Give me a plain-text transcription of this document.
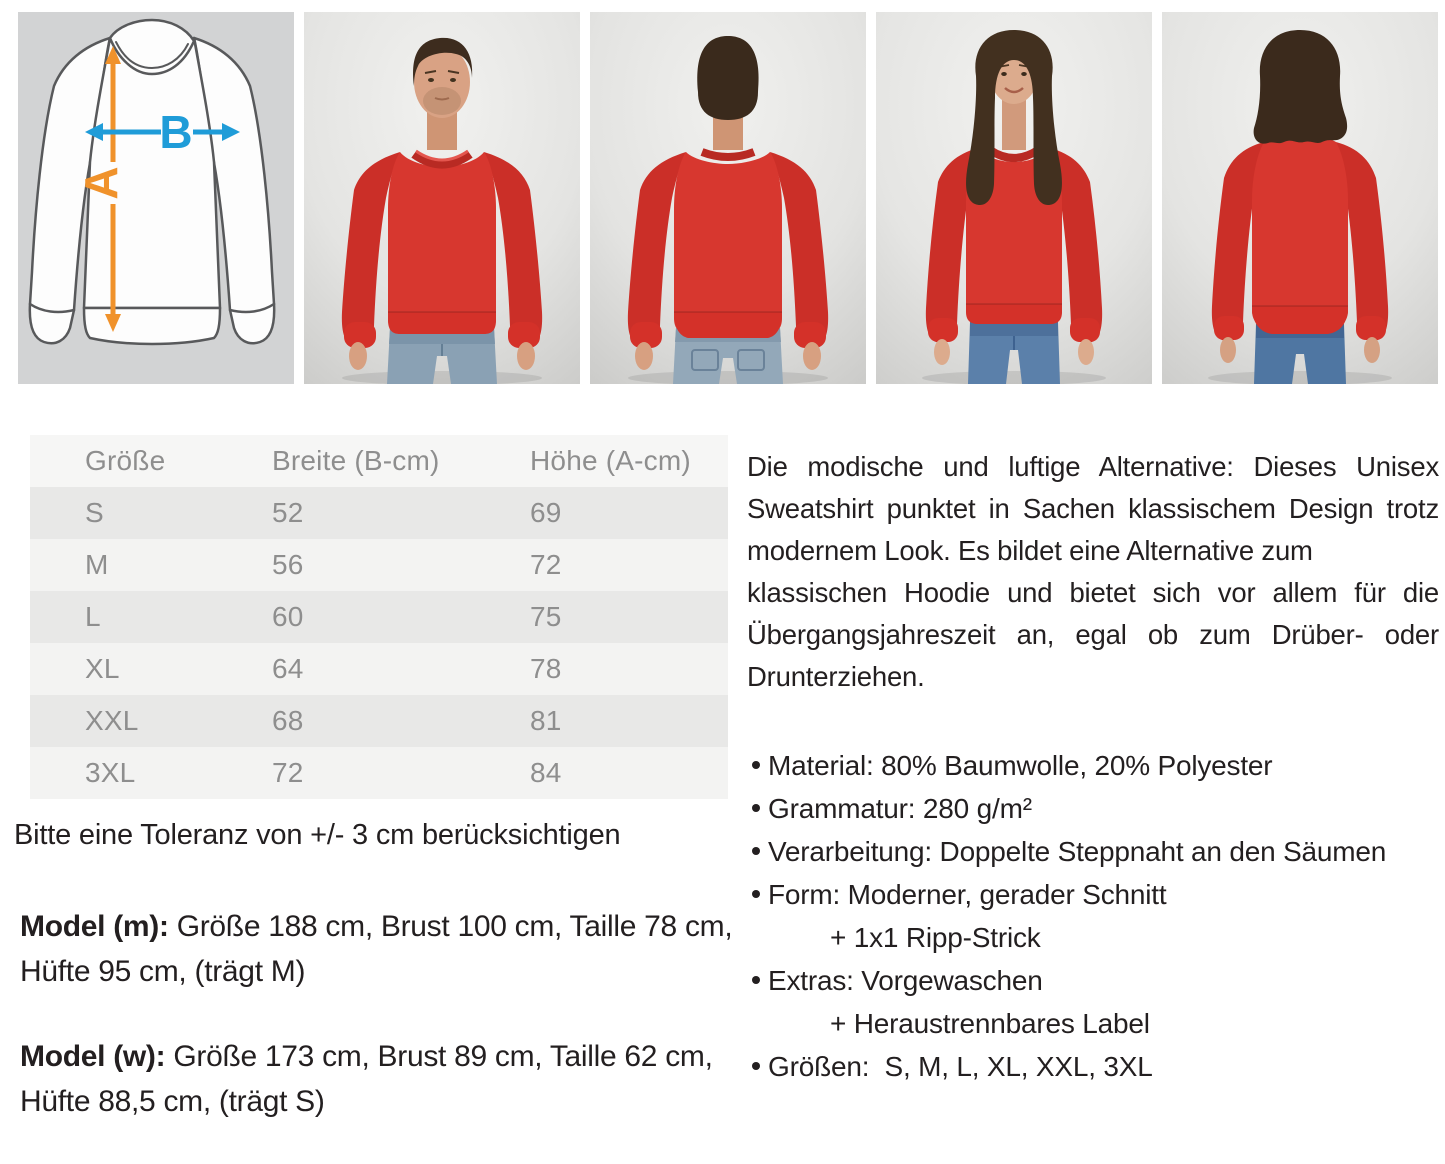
A
B
Größe	Breite (B-cm)	Höhe (A-cm)
S	52	69
M	56	72
L	60	75
XL	64	78
XXL	68	81
3XL	72	84

Bitte eine Toleranz von +/- 3 cm berücksichtigen

Model (m): Größe 188 cm, Brust 100 cm, Taille 78 cm,
Hüfte 95 cm, (trägt M)

Model (w): Größe 173 cm, Brust 89 cm, Taille 62 cm,
Hüfte 88,5 cm, (trägt S)

Die modische und luftige Alternative: Dieses Unisex
Sweatshirt punktet in Sachen klassischem Design trotz
modernem Look. Es bildet eine Alternative zum
klassischen Hoodie und bietet sich vor allem für die
Übergangsjahreszeit an, egal ob zum Drüber- oder
Drunterziehen.
Material: 80% Baumwolle, 20% Polyester
Grammatur: 280 g/m²
Verarbeitung: Doppelte Steppnaht an den Säumen
Form: Moderner, gerader Schnitt
+ 1x1 Ripp-Strick
Extras: Vorgewaschen
+ Heraustrennbares Label
Größen:  S, M, L, XL, XXL, 3XL
